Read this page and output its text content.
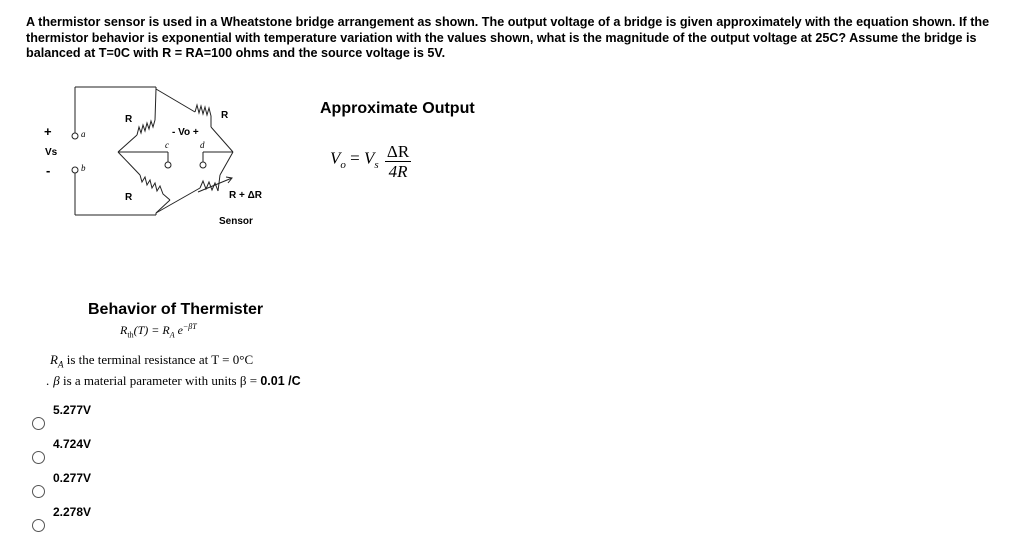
A thermistor sensor is used in a Wheatstone bridge arrangement as shown. The output voltage of a bridge is given approximately with the equation shown. If the thermistor behavior is exponential with temperature variation with the values shown, what is the magnitude of the output voltage at 25C? Assume the bridge is balanced at T=0C with R = RA=100 ohms and the source voltage is 5V.
+
Vs
-
a
b
c	d
R	R
R	R + ΔR
- Vo +
Sensor
Approximate Output
$V_o = V_s \frac{\Delta R}{4R}$
Behavior of Thermister
$R_{th}(T) = R_A$ $e^{-\beta T}$
$R_A$ is the terminal resistance at T = 0°C
. β is a material parameter with units β = 0.01 /C
5.277V
4.724V
0.277V
2.278V
